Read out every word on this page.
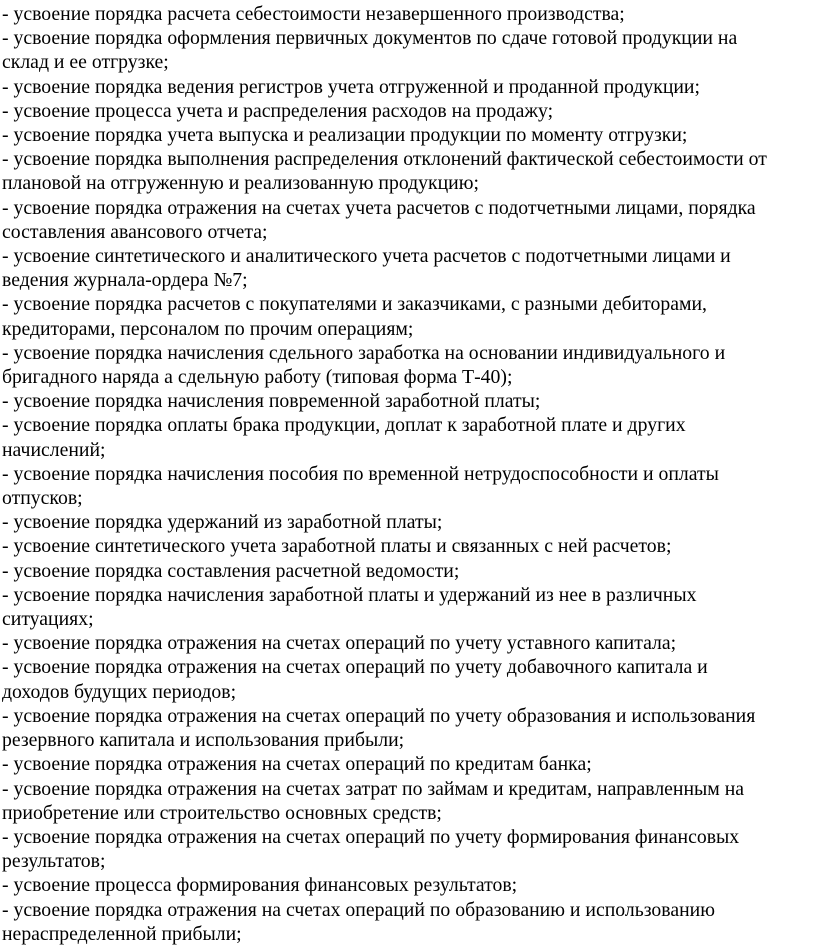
- усвоение порядка расчета себестоимости незавершенного производства;
- усвоение порядка оформления первичных документов по сдаче готовой продукции на
склад и ее отгрузке;
- усвоение порядка ведения регистров учета отгруженной и проданной продукции;
- усвоение процесса учета и распределения расходов на продажу;
- усвоение порядка учета выпуска и реализации продукции по моменту отгрузки;
- усвоение порядка выполнения распределения отклонений фактической себестоимости от
плановой на отгруженную и реализованную продукцию;
- усвоение порядка отражения на счетах учета расчетов с подотчетными лицами, порядка
составления авансового отчета;
- усвоение синтетического и аналитического учета расчетов с подотчетными лицами и
ведения журнала-ордера №7;
- усвоение порядка расчетов с покупателями и заказчиками, с разными дебиторами,
кредиторами, персоналом по прочим операциям;
- усвоение порядка начисления сдельного заработка на основании индивидуального и
бригадного наряда а сдельную работу (типовая форма Т-40);
- усвоение порядка начисления повременной заработной платы;
- усвоение порядка оплаты брака продукции, доплат к заработной плате и других
начислений;
- усвоение порядка начисления пособия по временной нетрудоспособности и оплаты
отпусков;
- усвоение порядка удержаний из заработной платы;
- усвоение синтетического учета заработной платы и связанных с ней расчетов;
- усвоение порядка составления расчетной ведомости;
- усвоение порядка начисления заработной платы и удержаний из нее в различных
ситуациях;
- усвоение порядка отражения на счетах операций по учету уставного капитала;
- усвоение порядка отражения на счетах операций по учету добавочного капитала и
доходов будущих периодов;
- усвоение порядка отражения на счетах операций по учету образования и использования
резервного капитала и использования прибыли;
- усвоение порядка отражения на счетах операций по кредитам банка;
- усвоение порядка отражения на счетах затрат по займам и кредитам, направленным на
приобретение или строительство основных средств;
- усвоение порядка отражения на счетах операций по учету формирования финансовых
результатов;
- усвоение процесса формирования финансовых результатов;
- усвоение порядка отражения на счетах операций по образованию и использованию
нераспределенной прибыли;
